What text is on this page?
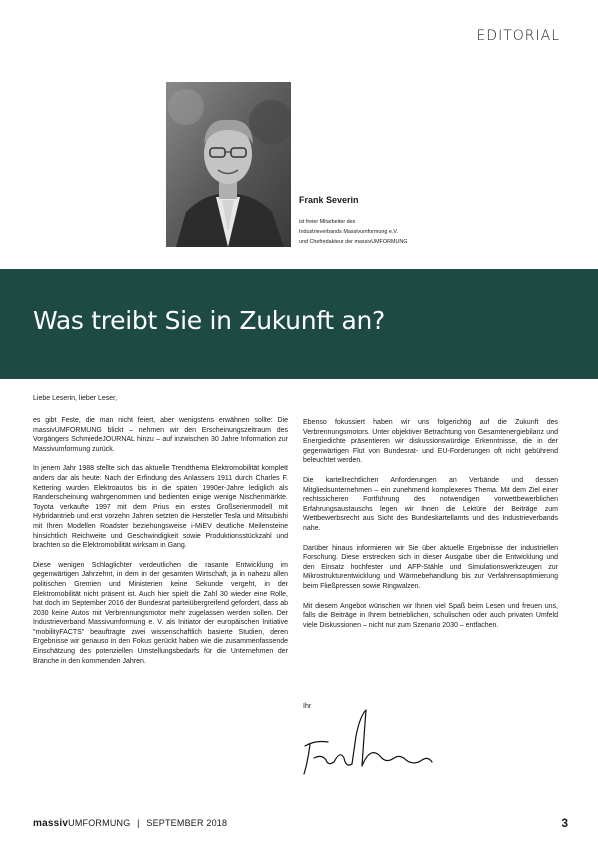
EDITORIAL
Frank Severin
ist freier Mitarbeiter des
Industrieverbands Massivumformung e.V.
und Chefredakteur der massivUMFORMUNG
Was treibt Sie in Zukunft an?
Liebe Leserin, lieber Leser,

es gibt Feste, die man nicht feiert, aber wenigstens erwähnen sollte: Die massivUMFORMUNG blickt – nehmen wir den Erscheinungszeitraum des Vorgängers SchmiedeJOURNAL hinzu – auf inzwischen 30 Jahre Information zur Massivumformung zurück.

In jenem Jahr 1988 stellte sich das aktuelle Trendthema Elektromobilität komplett anders dar als heute: Nach der Erfindung des Anlassers 1911 durch Charles F. Kettering wurden Elektroautos bis in die späten 1990er-Jahre lediglich als Randerscheinung wahrgenommen und bedienten einige wenige Nischenmärkte. Toyota verkaufte 1997 mit dem Prius ein erstes Großserienmodell mit Hybridantrieb und erst vorzehn Jahren setzten die Hersteller Tesla und Mitsubishi mit Ihren Modellen Roadster beziehungsweise i-MiEV deutliche Meilensteine hinsichtlich Reichweite und Geschwindigkeit sowie Produktionsstückzahl und brachten so die Elektromobilität wirksam in Gang.

Diese wenigen Schlaglichter verdeutlichen die rasante Entwicklung im gegenwärtigen Jahrzehnt, in dem in der gesamten Wirtschaft, ja in nahezu allen politischen Gremien und Ministerien keine Sekunde vergeht, in der Elektromobilität nicht präsent ist. Auch hier spielt die Zahl 30 wieder eine Rolle, hat doch im September 2016 der Bundesrat parteiübergreifend gefordert, dass ab 2030 keine Autos mit Verbrennungsmotor mehr zugelassen werden sollen. Der Industrieverband Massivumformung e. V. als Initiator der europäischen Initiative "mobilityFACTS" beauftragte zwei wissenschaftlich basierte Studien, deren Ergebnisse wir genauso in den Fokus gerückt haben wie die zusammenfassende Einschätzung des potenziellen Umstellungsbedarfs für die Unternehmen der Branche in den kommenden Jahren.

Ebenso fokussiert haben wir uns folgerichtig auf die Zukunft des Verbrennungsmotors. Unter objektiver Betrachtung von Gesamtenergiebilanz und Energiedichte präsentieren wir diskussionswürdige Erkenntnisse, die in der gegenwärtigen Flut von Bundesrat- und EU-Forderungen oft nicht gebührend beleuchtet werden.

Die kartellrechtlichen Anforderungen an Verbände und dessen Mitgliedsunternehmen – ein zunehmend komplexeres Thema. Mit dem Ziel einer rechtssicheren Fortführung des notwendigen vorwettbewerblichen Erfahrungsaustauschs legen wir Ihnen die Lektüre der Beiträge zum Wettbewerbsrecht aus Sicht des Bundeskartellamts und des Industrieverbands nahe.

Darüber hinaus informieren wir Sie über aktuelle Ergebnisse der industriellen Forschung. Diese erstrecken sich in dieser Ausgabe über die Entwicklung und den Einsatz hochfester und AFP-Stähle und Simulationswerkzeugen zur Mikrostrukturentwicklung und Wärmebehandlung bis zur Verfahrensoptimierung beim Fließpressen sowie Ringwalzen.

Mit diesem Angebot wünschen wir Ihnen viel Spaß beim Lesen und freuen uns, falls die Beiträge in Ihrem betrieblichen, schulischen oder auch privaten Umfeld viele Diskussionen – nicht nur zum Szenario 2030 – entfachen.

Ihr
massivUMFORMUNG | SEPTEMBER 2018	3
